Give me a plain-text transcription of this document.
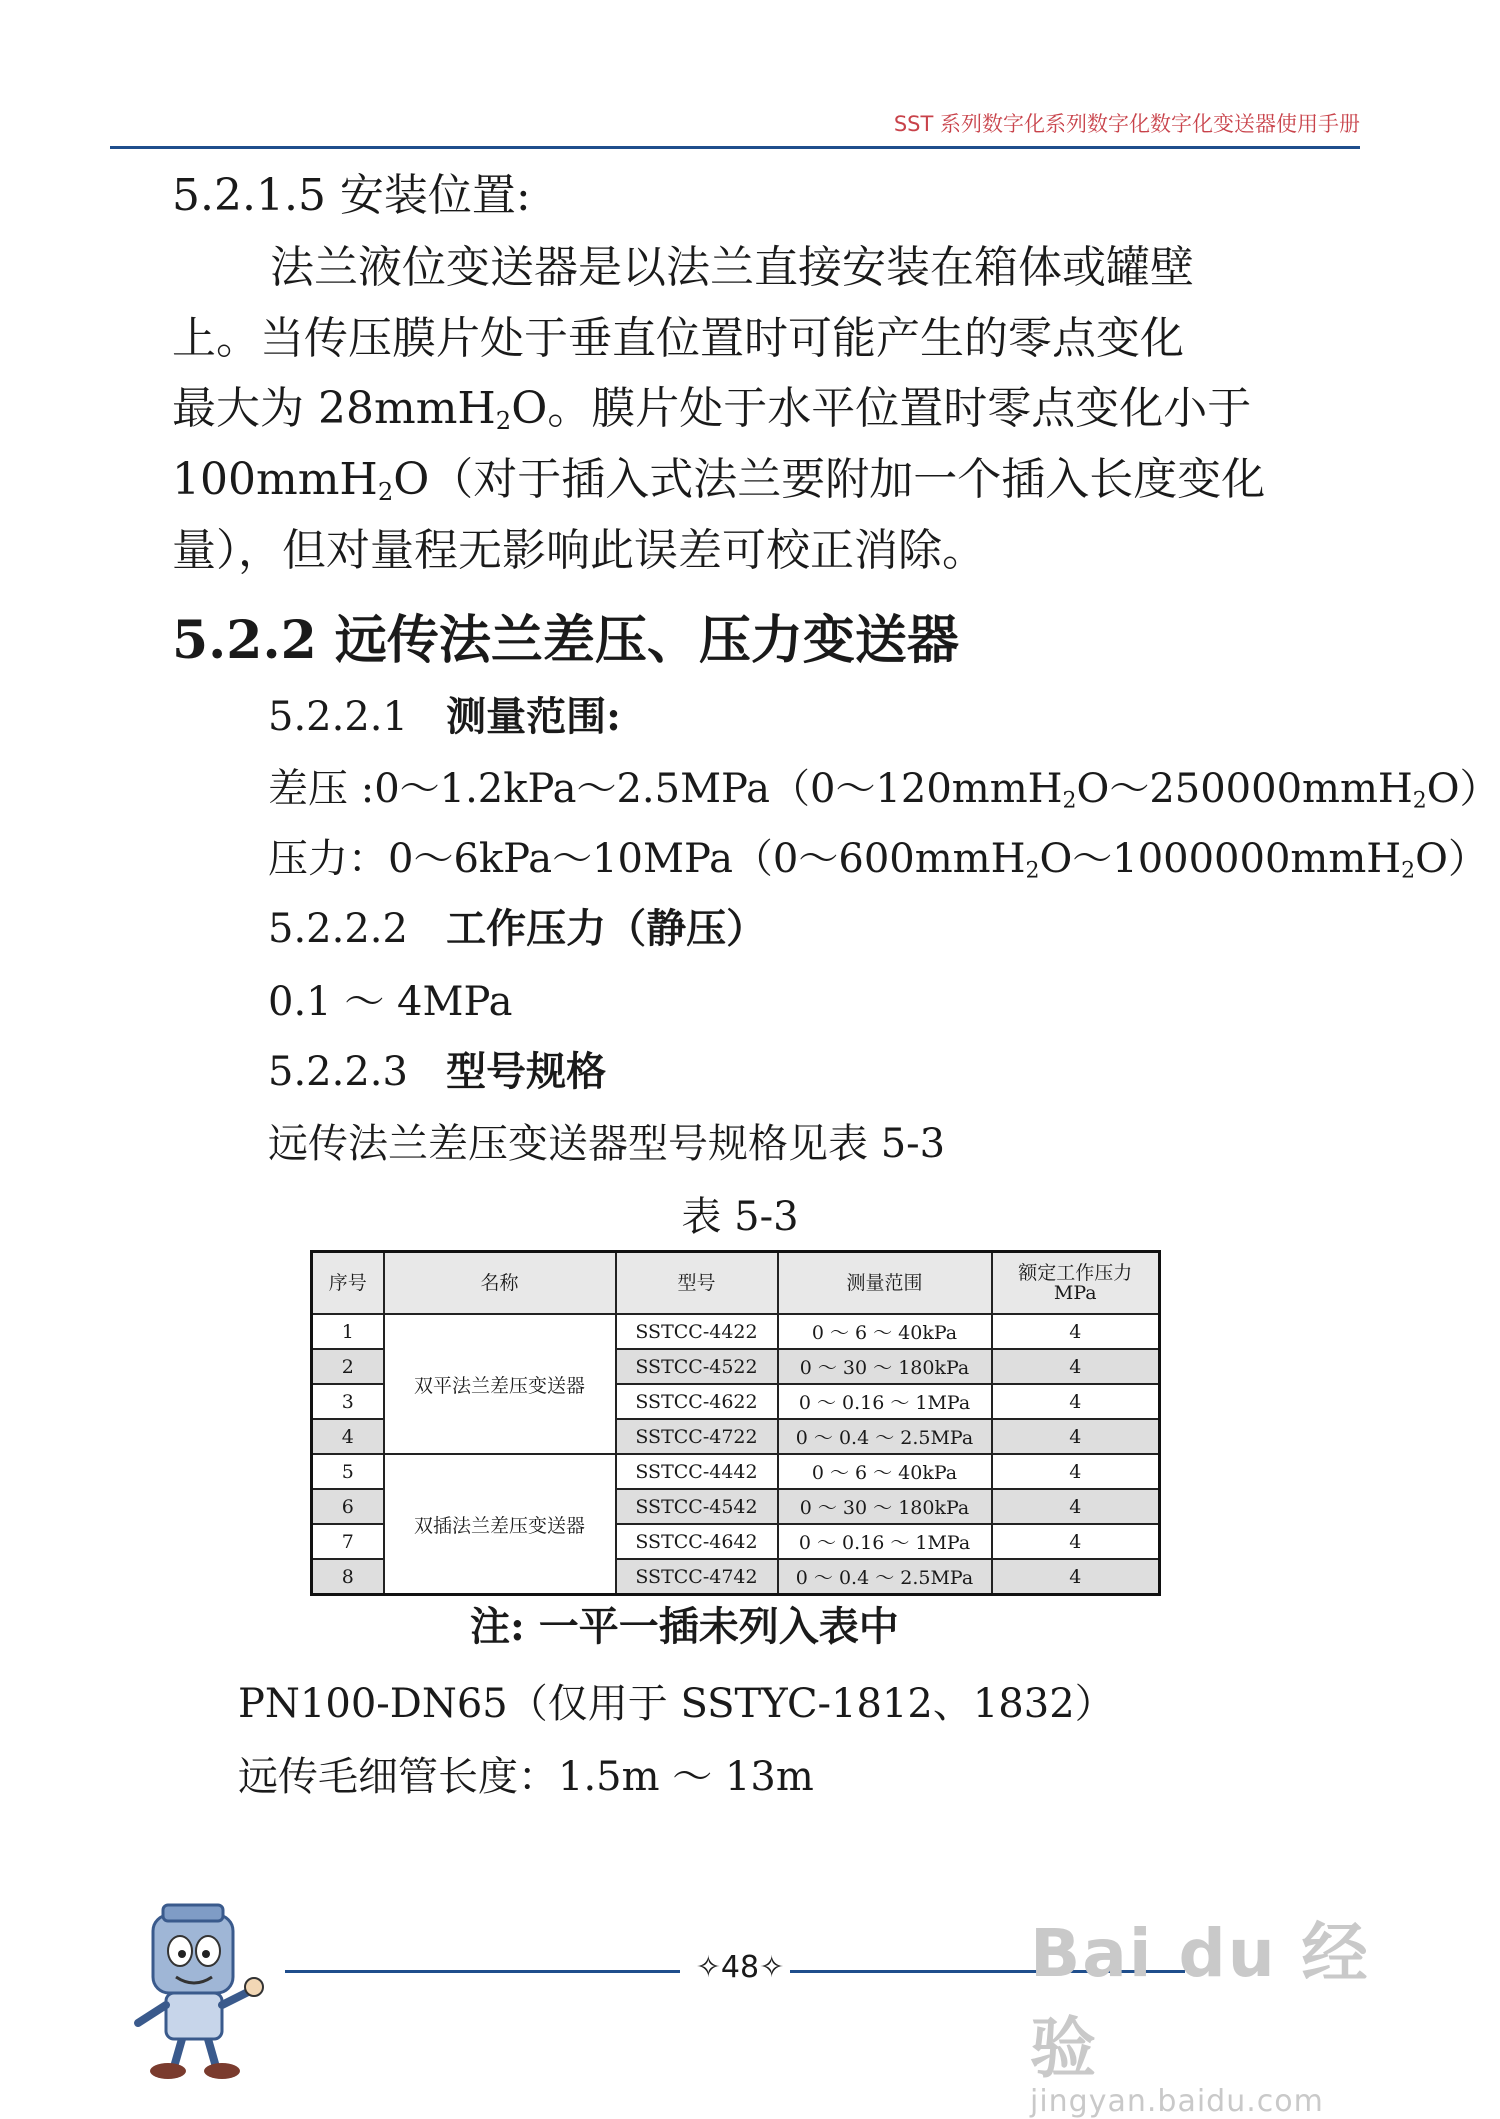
SST 系列数字化系列数字化数字化变送器使用手册
5.2.1.5 安装位置:
法兰液位变送器是以法兰直接安装在箱体或罐壁
上。当传压膜片处于垂直位置时可能产生的零点变化
最大为 28mmH$_2$O。膜片处于水平位置时零点变化小于
100mmH$_2$O（对于插入式法兰要附加一个插入长度变化
量），但对量程无影响此误差可校正消除。
5.2.2 远传法兰差压、压力变送器
5.2.2.1 测量范围:
差压 :0～1.2kPa～2.5MPa（0～120mmH$_2$O～250000mmH$_2$O）
压力：0～6kPa～10MPa（0～600mmH$_2$O～1000000mmH$_2$O）
5.2.2.2 工作压力（静压）
0.1 ～ 4MPa
5.2.2.3 型号规格
远传法兰差压变送器型号规格见表 5-3
表 5-3
序号	名称	型号	测量范围	额定工作压力
MPa

1	双平法兰差压变送器	SSTCC-4422	0 ～ 6 ～ 40kPa	4
2		SSTCC-4522	0 ～ 30 ～ 180kPa	4
3		SSTCC-4622	0 ～ 0.16 ～ 1MPa	4
4		SSTCC-4722	0 ～ 0.4 ～ 2.5MPa	4
5	双插法兰差压变送器	SSTCC-4442	0 ～ 6 ～ 40kPa	4
6		SSTCC-4542	0 ～ 30 ～ 180kPa	4
7		SSTCC-4642	0 ～ 0.16 ～ 1MPa	4
8		SSTCC-4742	0 ～ 0.4 ～ 2.5MPa	4
注: 一平一插未列入表中
PN100-DN65（仅用于 SSTYC-1812、1832）
远传毛细管长度：1.5m ～ 13m
✧48✧	Bai du 经验
jingyan.baidu.com
